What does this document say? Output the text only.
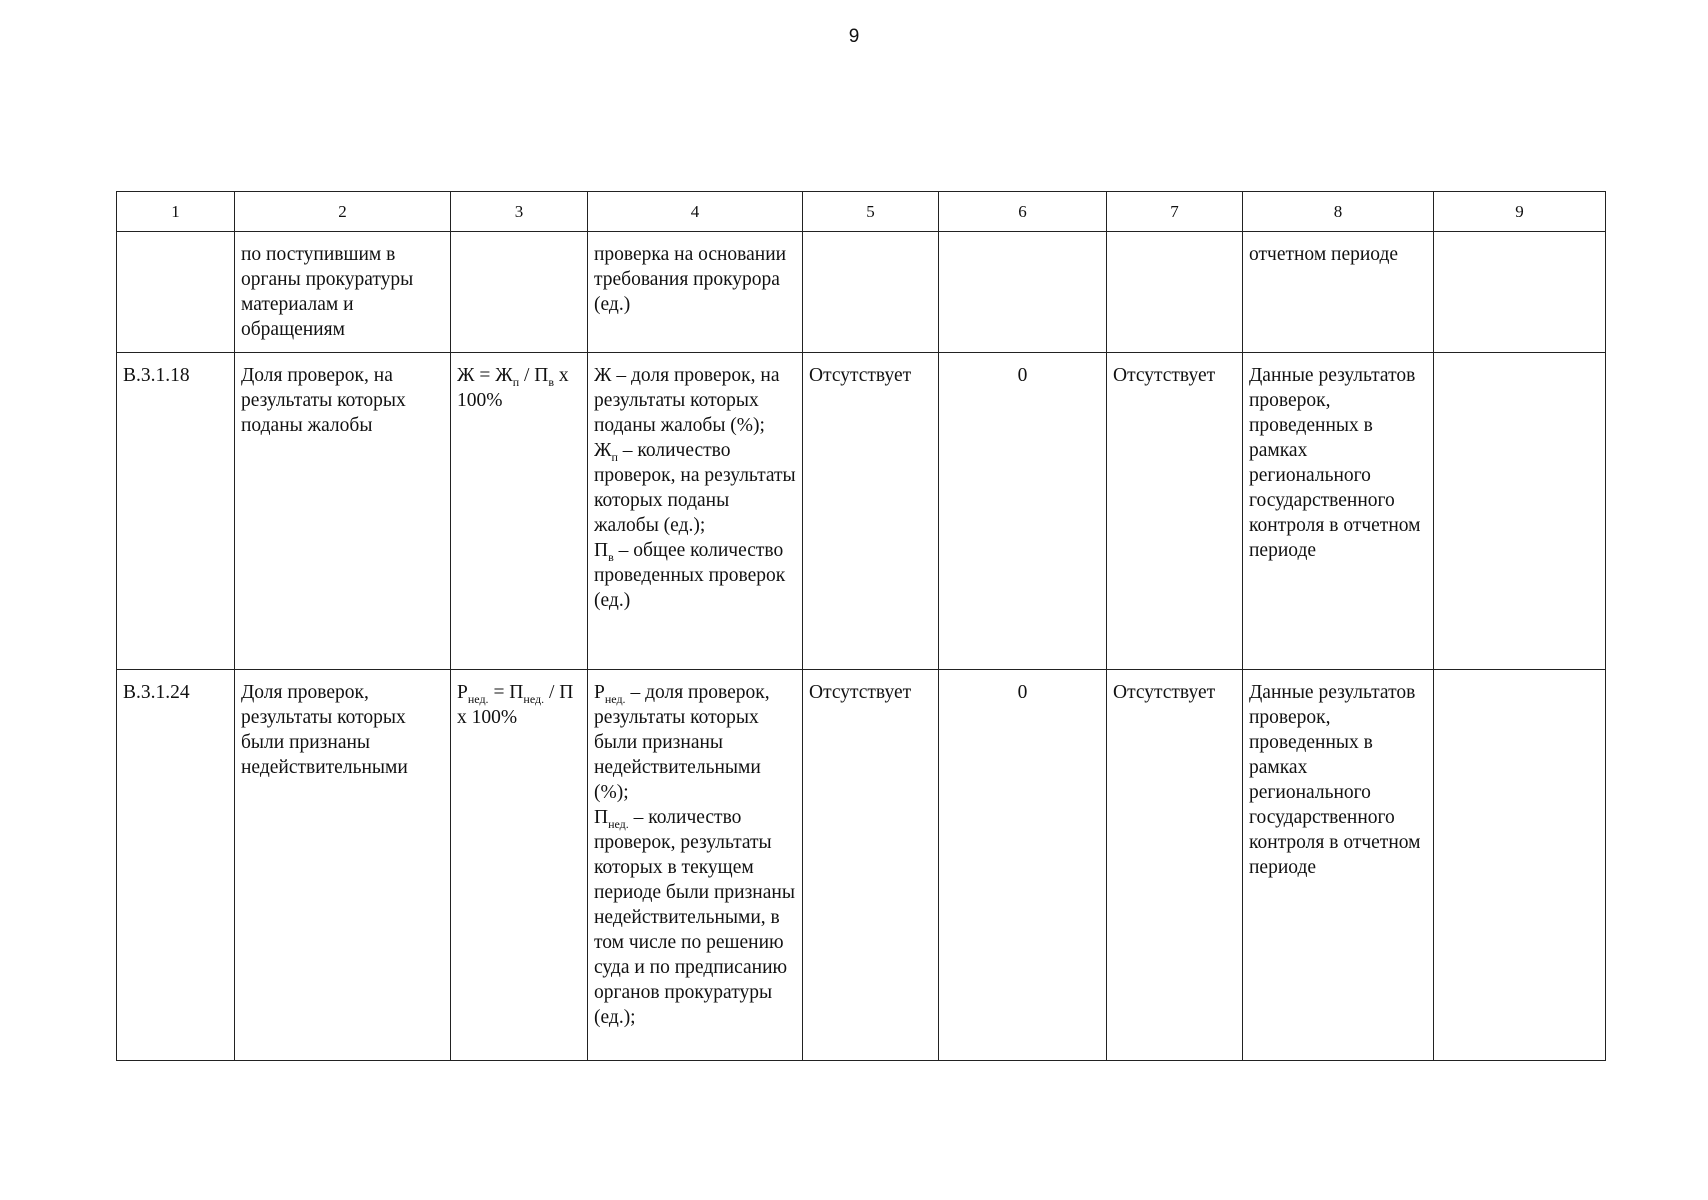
9
1	2	3	4	5	6	7	8	9
	по поступившим в органы прокуратуры материалам и обращениям		проверка на основании требования прокурора (ед.)				отчетном периоде	
В.3.1.18	Доля проверок, на результаты которых поданы жалобы	$Ж = Ж_п / П_в$ х 100%	Ж – доля проверок, на результаты которых поданы жалобы (%);
$Ж_п$ – количество проверок, на результаты которых поданы жалобы (ед.);
$П_в$ – общее количество проведенных проверок (ед.)	Отсутствует	0	Отсутствует	Данные результатов проверок, проведенных в рамках регионального государственного контроля в отчетном периоде	
В.3.1.24	Доля проверок, результаты которых были признаны недействительными	$Р_{нед.} = П_{нед.} / П$ х 100%	$Р_{нед.}$ – доля проверок, результаты которых были признаны недействительными (%);
$П_{нед.}$ – количество проверок, результаты которых в текущем периоде были признаны недействительными, в том числе по решению суда и по предписанию органов прокуратуры (ед.);	Отсутствует	0	Отсутствует	Данные результатов проверок, проведенных в рамках регионального государственного контроля в отчетном периоде	
